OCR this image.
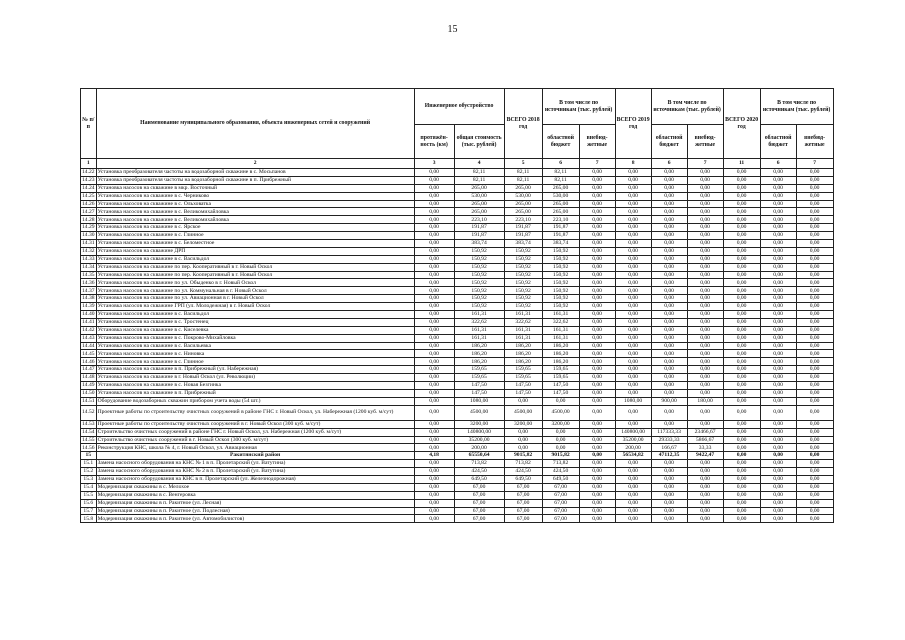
15
№ п/п	Наименование муниципального образования, объекта инженерных сетей и сооружений	Инженерное обустройство		ВСЕГО 2018 год	В том числе по источникам (тыс. рублей)		ВСЕГО 2019 год	В том числе по источникам (тыс. рублей)		ВСЕГО 2020 год	В том числе по источникам (тыс. рублей)	
		протяжён-ность (км)	общая стоимость (тыс. рублей)		областной бюджет	внебюд-жетные		областной бюджет	внебюд-жетные		областной бюджет	внебюд-жетные
1	2	3	4	5	6	7	8	6	7	11	6	7
14.22	Установка преобразователя частоты на водозаборной скважине в с. Мосьпанов	0,00	82,11	82,11	82,11	0,00	0,00	0,00	0,00	0,00	0,00	0,00
14.23	Установка преобразователя частоты на водозаборной скважине в п. Прибрежный	0,00	82,11	82,11	82,11	0,00	0,00	0,00	0,00	0,00	0,00	0,00
14.24	Установка насосов на скважине в мкр. Восточный	0,00	265,00	265,00	265,00	0,00	0,00	0,00	0,00	0,00	0,00	0,00
14.25	Установка насосов на скважине в с. Черниково	0,00	530,00	530,00	530,00	0,00	0,00	0,00	0,00	0,00	0,00	0,00
14.26	Установка насосов на скважине в с. Ольховатка	0,00	265,00	265,00	265,00	0,00	0,00	0,00	0,00	0,00	0,00	0,00
14.27	Установка насосов на скважине в с. Великомихайловка	0,00	265,00	265,00	265,00	0,00	0,00	0,00	0,00	0,00	0,00	0,00
14.28	Установка насосов на скважине в с. Великомихайловка	0,00	223,10	223,10	223,10	0,00	0,00	0,00	0,00	0,00	0,00	0,00
14.29	Установка насосов на скважине в с. Ярское	0,00	191,87	191,87	191,87	0,00	0,00	0,00	0,00	0,00	0,00	0,00
14.30	Установка насосов на скважине в с. Глинное	0,00	191,87	191,87	191,87	0,00	0,00	0,00	0,00	0,00	0,00	0,00
14.31	Установка насосов на скважине в с. Беломестное	0,00	383,74	383,74	383,74	0,00	0,00	0,00	0,00	0,00	0,00	0,00
14.32	Установка насосов на скважине ДРП	0,00	150,92	150,92	150,92	0,00	0,00	0,00	0,00	0,00	0,00	0,00
14.33	Установка насосов на скважине в с. Васильдол	0,00	150,92	150,92	150,92	0,00	0,00	0,00	0,00	0,00	0,00	0,00
14.34	Установка насосов на скважине по пер. Кооперативный в г. Новый Оскол	0,00	150,92	150,92	150,92	0,00	0,00	0,00	0,00	0,00	0,00	0,00
14.35	Установка насосов на скважине по пер. Кооперативный в г. Новый Оскол	0,00	150,92	150,92	150,92	0,00	0,00	0,00	0,00	0,00	0,00	0,00
14.36	Установка насосов на скважине по ул. Обыденко в г. Новый Оскол	0,00	150,92	150,92	150,92	0,00	0,00	0,00	0,00	0,00	0,00	0,00
14.37	Установка насосов на скважине по ул. Коммунальная в г. Новый Оскол	0,00	150,92	150,92	150,92	0,00	0,00	0,00	0,00	0,00	0,00	0,00
14.38	Установка насосов на скважине по ул. Авиационная в г. Новый Оскол	0,00	150,92	150,92	150,92	0,00	0,00	0,00	0,00	0,00	0,00	0,00
14.39	Установка насосов на скважине ГРП (ул. Молодежная) в г. Новый Оскол	0,00	150,92	150,92	150,92	0,00	0,00	0,00	0,00	0,00	0,00	0,00
14.40	Установка насосов на скважине в с. Васильдол	0,00	161,31	161,31	161,31	0,00	0,00	0,00	0,00	0,00	0,00	0,00
14.41	Установка насосов на скважине в с. Тростенец	0,00	322,62	322,62	322,62	0,00	0,00	0,00	0,00	0,00	0,00	0,00
14.42	Установка насосов на скважине в с. Киселевка	0,00	161,31	161,31	161,31	0,00	0,00	0,00	0,00	0,00	0,00	0,00
14.43	Установка насосов на скважине в с. Покрово-Михайловка	0,00	161,31	161,31	161,31	0,00	0,00	0,00	0,00	0,00	0,00	0,00
14.44	Установка насосов на скважине в с. Васильевка	0,00	186,20	186,20	186,20	0,00	0,00	0,00	0,00	0,00	0,00	0,00
14.45	Установка насосов на скважине в с. Ниновка	0,00	186,20	186,20	186,20	0,00	0,00	0,00	0,00	0,00	0,00	0,00
14.46	Установка насосов на скважине в с. Глинное	0,00	186,20	186,20	186,20	0,00	0,00	0,00	0,00	0,00	0,00	0,00
14.47	Установка насосов на скважине в п. Прибрежный (ул. Набережная)	0,00	159,65	159,65	159,65	0,00	0,00	0,00	0,00	0,00	0,00	0,00
14.48	Установка насосов на скважине в г. Новый Оскол (ул. Революции)	0,00	159,65	159,65	159,65	0,00	0,00	0,00	0,00	0,00	0,00	0,00
14.49	Установка насосов на скважине в с. Новая Безгинка	0,00	147,50	147,50	147,50	0,00	0,00	0,00	0,00	0,00	0,00	0,00
14.50	Установка насосов на скважине в п. Прибрежный	0,00	147,50	147,50	147,50	0,00	0,00	0,00	0,00	0,00	0,00	0,00
14.51	Оборудование водозаборных скважин прибором учета воды (54 шт.)	0,00	1080,00	0,00	0,00	0,00	1080,00	900,00	180,00	0,00	0,00	0,00
14.52	Проектные работы по строительству очистных сооружений в районе ГНС г. Новый Оскол, ул. Набережная (1200 куб. м/сут)	0,00	4500,00	4500,00	4500,00	0,00	0,00	0,00	0,00	0,00	0,00	0,00
14.53	Проектные работы по строительству очистных сооружений в г. Новый Оскол (300 куб. м/сут)	0,00	3200,00	3200,00	3200,00	0,00	0,00	0,00	0,00	0,00	0,00	0,00
14.54	Строительство очистных сооружений в районе ГНС г. Новый Оскол, ул. Набережная (1200 куб. м/сут)	0,00	140800,00	0,00	0,00	0,00	140800,00	117333,33	23466,67	0,00	0,00	0,00
14.55	Строительство очистных сооружений в г. Новый Оскол (300 куб. м/сут)	0,00	35200,00	0,00	0,00	0,00	35200,00	29333,33	5866,67	0,00	0,00	0,00
14.56	Реконструкция КНС, школа № 4, г. Новый Оскол, ул. Авиационная	0,00	200,00	0,00	0,00	0,00	200,00	166,67	33,33	0,00	0,00	0,00
15	Ракитянский район	4,18	65550,64	9015,82	9015,82	0,00	56534,82	47112,35	9422,47	0,00	0,00	0,00
15.1	Замена насосного оборудования на КНС № 1 в п. Пролетарский (ул. Ватутина)	0,00	713,82	713,82	713,82	0,00	0,00	0,00	0,00	0,00	0,00	0,00
15.2	Замена насосного оборудования на КНС № 2 в п. Пролетарский (ул. Ватутина)	0,00	424,50	424,50	424,50	0,00	0,00	0,00	0,00	0,00	0,00	0,00
15.3	Замена насосного оборудования на КНС в п. Пролетарский (ул. Железнодорожная)	0,00	649,50	649,50	649,50	0,00	0,00	0,00	0,00	0,00	0,00	0,00
15.4	Модернизация скважины в с. Мелохое	0,00	67,00	67,00	67,00	0,00	0,00	0,00	0,00	0,00	0,00	0,00
15.5	Модернизация скважины в с. Венгеровка	0,00	67,00	67,00	67,00	0,00	0,00	0,00	0,00	0,00	0,00	0,00
15.6	Модернизация скважины в п. Ракитное (ул. Лесная)	0,00	67,00	67,00	67,00	0,00	0,00	0,00	0,00	0,00	0,00	0,00
15.7	Модернизация скважины в п. Ракитное (ул. Подлесная)	0,00	67,00	67,00	67,00	0,00	0,00	0,00	0,00	0,00	0,00	0,00
15.8	Модернизация скважины в п. Ракитное (ул. Автомобилистов)	0,00	67,00	67,00	67,00	0,00	0,00	0,00	0,00	0,00	0,00	0,00
